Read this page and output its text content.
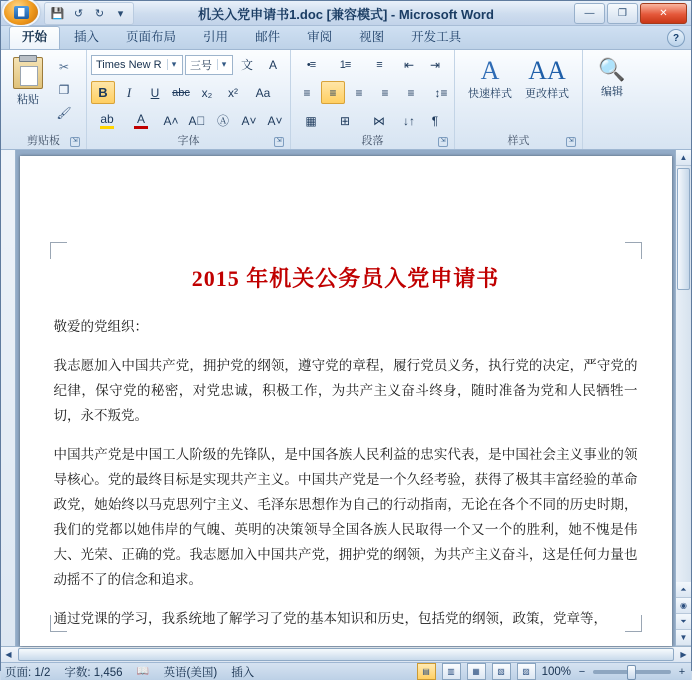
💾 ↺	↻	▾	机关入党申请书1.doc [兼容模式] - Microsoft Word	—	❐	✕
开始	插入	页面布局	引用	邮件	审阅	视图	开发工具	?
粘贴
✂
❐
🖌
剪贴板	⇲
Times New R	▾	三号	▾	文	A
B	I	U	abc x₂	x²	Aa
ab A	A˄ A⃠ Ⓐ	A˅ A˅
字体	⇲
•≡	1≡	≡	⇤	⇥
≡	≡	≡	≡	≡	↕≡
▦	⊞	⋈	↓↑	¶
段落	⇲
A
快速样式
AA
更改样式
样式	⇲
🔍
编辑

2015 年机关公务员入党申请书
敬爱的党组织：
我志愿加入中国共产党，拥护党的纲领，遵守党的章程，履行党员义务，执行党的决定，严守党的纪律，保守党的秘密，对党忠诚，积极工作，为共产主义奋斗终身，随时准备为党和人民牺牲一切，永不叛党。
中国共产党是中国工人阶级的先锋队，是中国各族人民利益的忠实代表，是中国社会主义事业的领导核心。党的最终目标是实现共产主义。中国共产党是一个久经考验，获得了极其丰富经验的革命政党，她始终以马克思列宁主义、毛泽东思想作为自己的行动指南，无论在各个不同的历史时期，我们的党都以她伟岸的气魄、英明的决策领导全国各族人民取得一个又一个的胜利，她不愧是伟大、光荣、正确的党。我志愿加入中国共产党，拥护党的纲领，为共产主义奋斗，这是任何力量也动摇不了的信念和追求。
通过党课的学习，我系统地了解学习了党的基本知识和历史，包括党的纲领，政策，党章等，
▲
⏶
◉
⏷
▼
◀	▶
页面: 1/2 字数: 1,456 📖 英语(美国) 插入	▤	▥	▦	▧	▨	100% −	+
